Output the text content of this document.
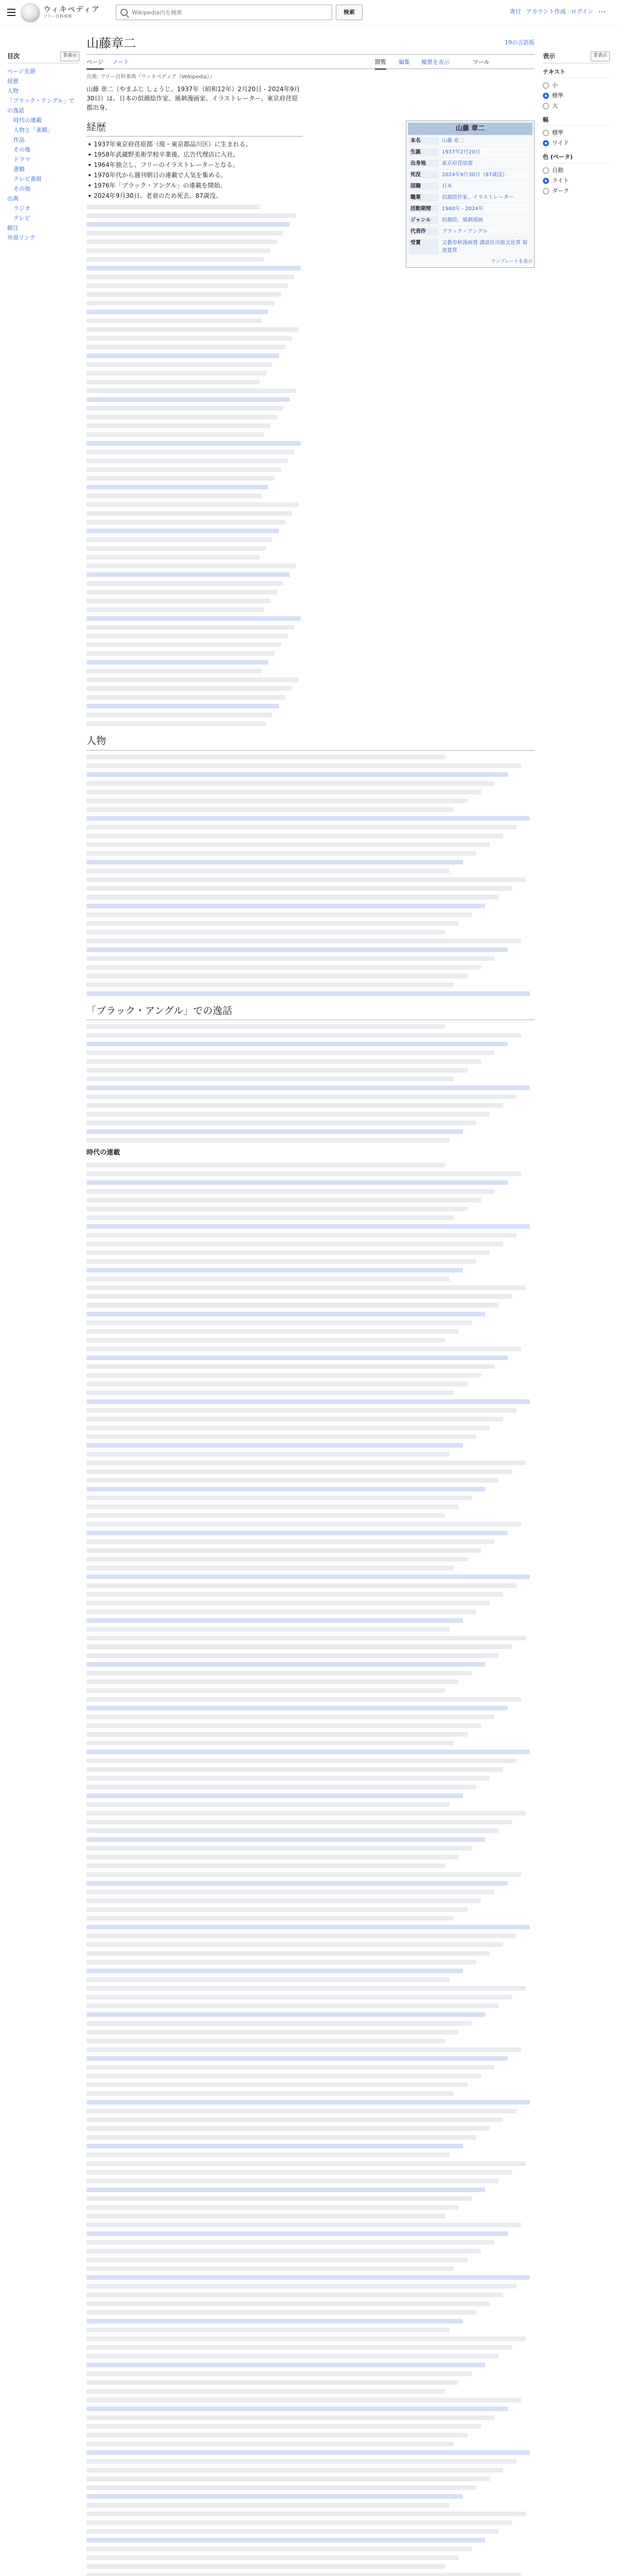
ウィキペディア
フリー百科事典
Wikipedia内を検索
検索	寄付 アカウント作成 ログイン ⋯
目次	非表示
ページ先頭
経歴
人物
「ブラック・アングル」での逸話
時代の連載
人物と「雀戦」
作品
その後
ドラマ
書籍
テレビ番組
その他
出典
ラジオ
テレビ
脚注
外部リンク
表示	非表示
テキスト
小
標準
大
幅
標準
ワイド
色 (ベータ)
自動
ライト
ダーク
山藤章二	19の言語版
ページ ノート	閲覧 編集 履歴を表示	ツール
出典: フリー百科事典『ウィキペディア（Wikipedia）』

山藤 章二（やまふじ しょうじ、1937年（昭和12年）2月20日 - 2024年9月30日）は、日本の似顔絵作家、風刺漫画家、イラストレーター。東京府荏原郡出身。

経歴
1937年東京府荏原郡（現・東京都品川区）に生まれる。
1958年武蔵野美術学校卒業後、広告代理店に入社。
1964年独立し、フリーのイラストレーターとなる。
1970年代から週刊朝日の連載で人気を集める。
1976年「ブラック・アングル」の連載を開始。
2024年9月30日、老衰のため死去。87歳没。
人物
「ブラック・アングル」での逸話
時代の連載
山藤 章二
本名	山藤 章二
生誕	1937年2月20日
出身地	東京府荏原郡
死没	2024年9月30日（87歳没）
国籍	日本
職業	似顔絵作家、イラストレーター
活動期間	1960年 - 2024年
ジャンル	似顔絵、風刺漫画
代表作	ブラック・アングル
受賞	文藝春秋漫画賞 講談社出版文化賞 菊池寛賞
テンプレートを表示
